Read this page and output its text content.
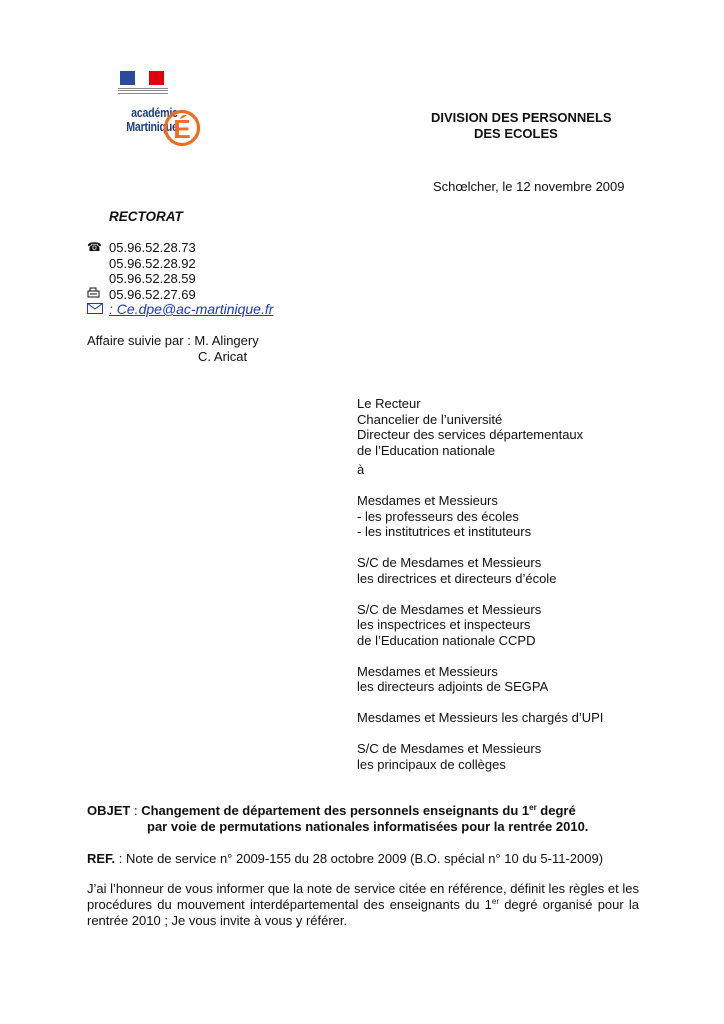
académie
Martinique
É	DIVISION DES PERSONNELS
DES ECOLES
Schœlcher, le 12 novembre 2009
RECTORAT
☎ 05.96.52.28.73
05.96.52.28.92
05.96.52.28.59
05.96.52.27.69
: Ce.dpe@ac-martinique.fr
Affaire suivie par : M. Alingery
C. Aricat
Le Recteur
Chancelier de l’université
Directeur des services départementaux
de l’Education nationale
à
Mesdames et Messieurs
- les professeurs des écoles
- les institutrices et instituteurs
S/C de Mesdames et Messieurs
les directrices et directeurs d’école
S/C de Mesdames et Messieurs
les inspectrices et inspecteurs
de l’Education nationale CCPD
Mesdames et Messieurs
les directeurs adjoints de SEGPA
Mesdames et Messieurs les chargés d’UPI
S/C de Mesdames et Messieurs
les principaux de collèges
OBJET : Changement de département des personnels enseignants du 1er degré
par voie de permutations nationales informatisées pour la rentrée 2010.
REF. : Note de service n° 2009-155 du 28 octobre 2009 (B.O. spécial n° 10 du 5-11-2009)
J’ai l’honneur de vous informer que la note de service citée en référence, définit les règles et les procédures du mouvement interdépartemental des enseignants du 1er degré organisé pour la rentrée 2010 ; Je vous invite à vous y référer.
